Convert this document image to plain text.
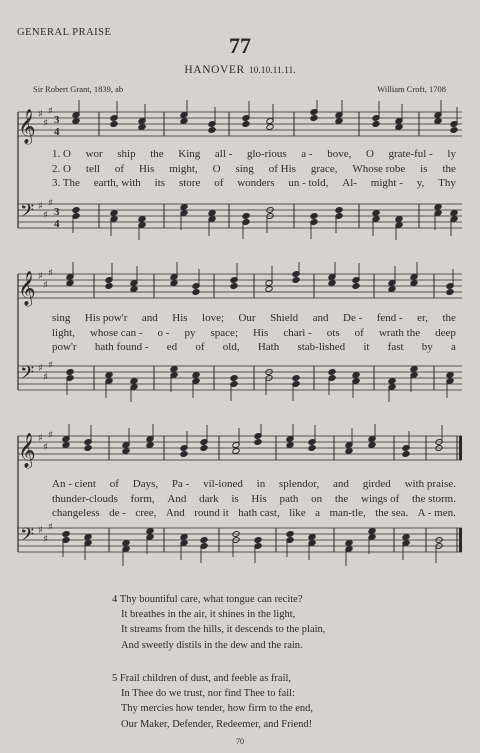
GENERAL PRAISE
77
HANOVER 10.10.11.11.
Sir Robert Grant, 1839, ab	William Croft, 1708
♯
♯
♯
♯
♯
♯
𝄞
𝄢
3
4
3
4
1. O wor ship the King all - glo-rious a - bove, O grate-ful - ly
2. O tell of His might, O sing of His grace, Whose robe is the
3. The earth, with its store of wonders un - told, Al- might - y, Thy
♯
♯
♯
♯
♯
♯
𝄞
𝄢
sing His pow'r and His love; Our Shield and De - fend - er, the
light, whose can - o - py space; His chari - ots of wrath the deep
pow'r hath found - ed of old, Hath stab-lished it fast by a
♯
♯
♯
♯
♯
♯
𝄞
𝄢
An - cient of Days, Pa - vil-ioned in splendor, and girded with praise.
thunder-clouds form, And dark is His path on the wings of the storm.
changeless de - cree, And round it hath cast, like a man-tle, the sea. A - men.
4 Thy bountiful care, what tongue can recite?
It breathes in the air, it shines in the light,
It streams from the hills, it descends to the plain,
And sweetly distils in the dew and the rain.
5 Frail children of dust, and feeble as frail,
In Thee do we trust, nor find Thee to fail:
Thy mercies how tender, how firm to the end,
Our Maker, Defender, Redeemer, and Friend!
70
